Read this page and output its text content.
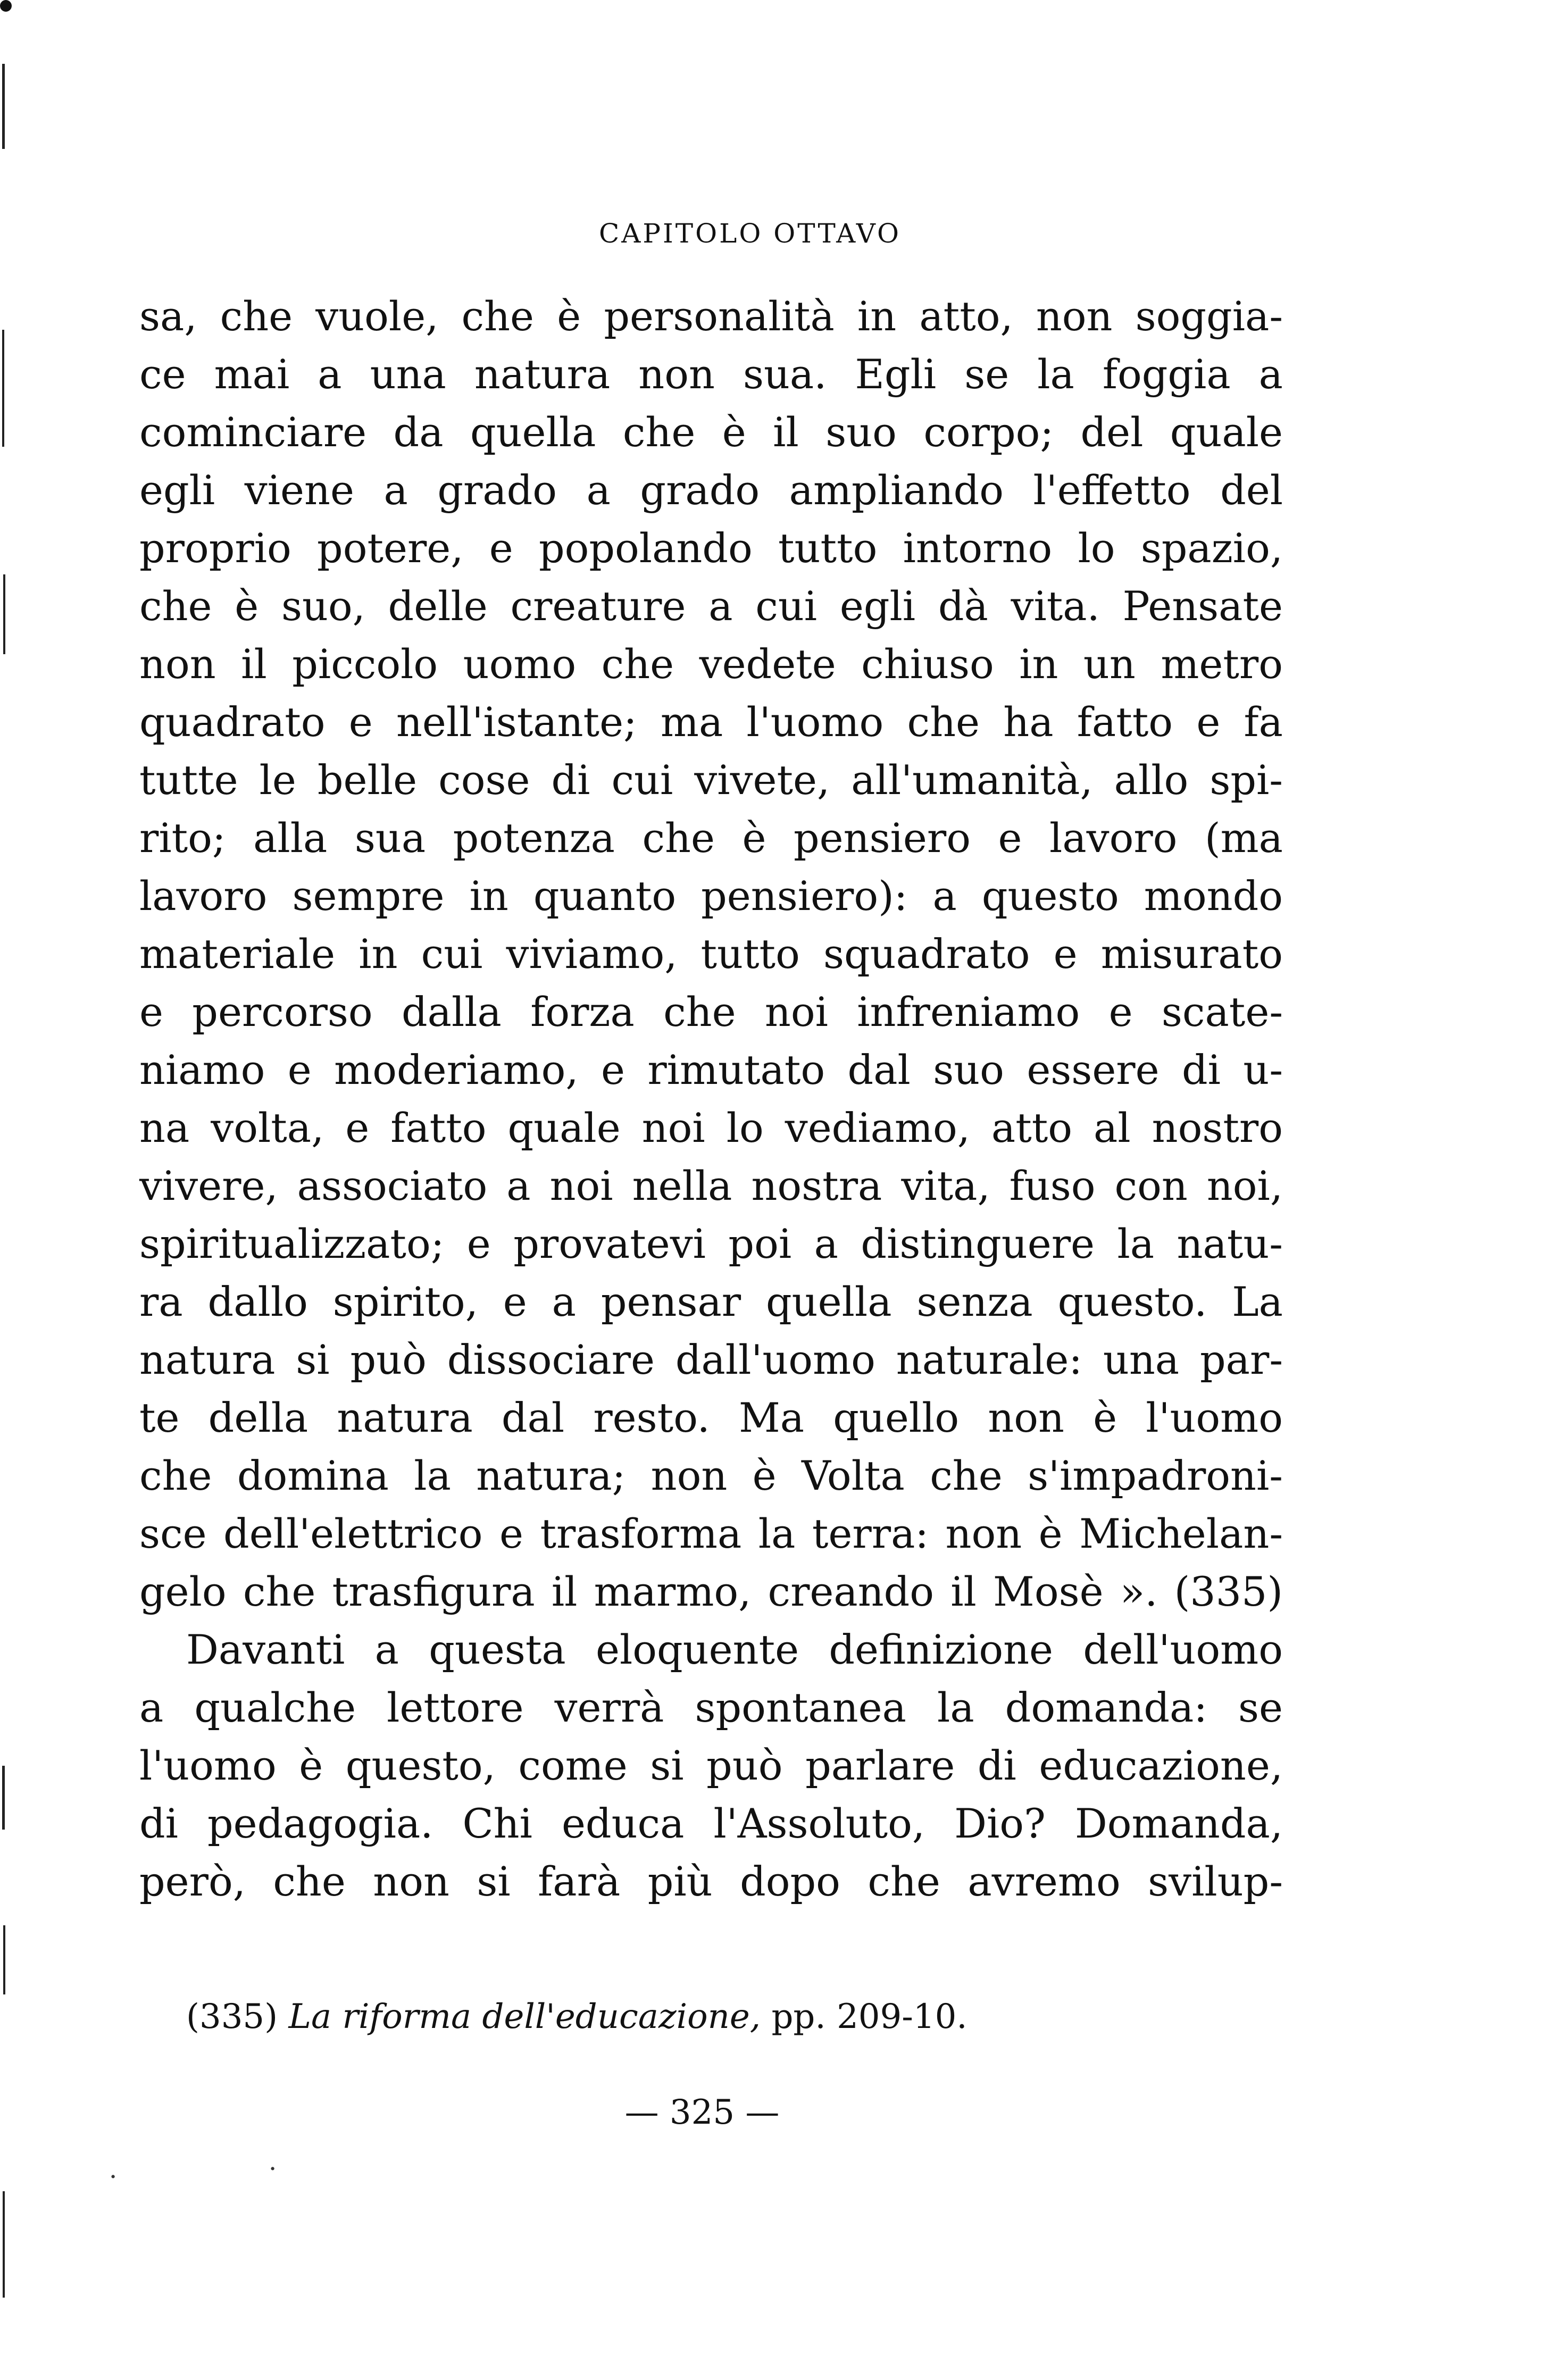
CAPITOLO OTTAVO
sa, che vuole, che è personalità in atto, non soggia-
ce mai a una natura non sua. Egli se la foggia a
cominciare da quella che è il suo corpo; del quale
egli viene a grado a grado ampliando l'effetto del
proprio potere, e popolando tutto intorno lo spazio,
che è suo, delle creature a cui egli dà vita. Pensate
non il piccolo uomo che vedete chiuso in un metro
quadrato e nell'istante; ma l'uomo che ha fatto e fa
tutte le belle cose di cui vivete, all'umanità, allo spi-
rito; alla sua potenza che è pensiero e lavoro (ma
lavoro sempre in quanto pensiero): a questo mondo
materiale in cui viviamo, tutto squadrato e misurato
e percorso dalla forza che noi infreniamo e scate-
niamo e moderiamo, e rimutato dal suo essere di u-
na volta, e fatto quale noi lo vediamo, atto al nostro
vivere, associato a noi nella nostra vita, fuso con noi,
spiritualizzato; e provatevi poi a distinguere la natu-
ra dallo spirito, e a pensar quella senza questo. La
natura si può dissociare dall'uomo naturale: una par-
te della natura dal resto. Ma quello non è l'uomo
che domina la natura; non è Volta che s'impadroni-
sce dell'elettrico e trasforma la terra: non è Michelan-
gelo che trasfigura il marmo, creando il Mosè ». (335)
Davanti a questa eloquente definizione dell'uomo
a qualche lettore verrà spontanea la domanda: se
l'uomo è questo, come si può parlare di educazione,
di pedagogia. Chi educa l'Assoluto, Dio? Domanda,
però, che non si farà più dopo che avremo svilup-
(335) La riforma dell'educazione, pp. 209-10.
— 325 —
·	·
